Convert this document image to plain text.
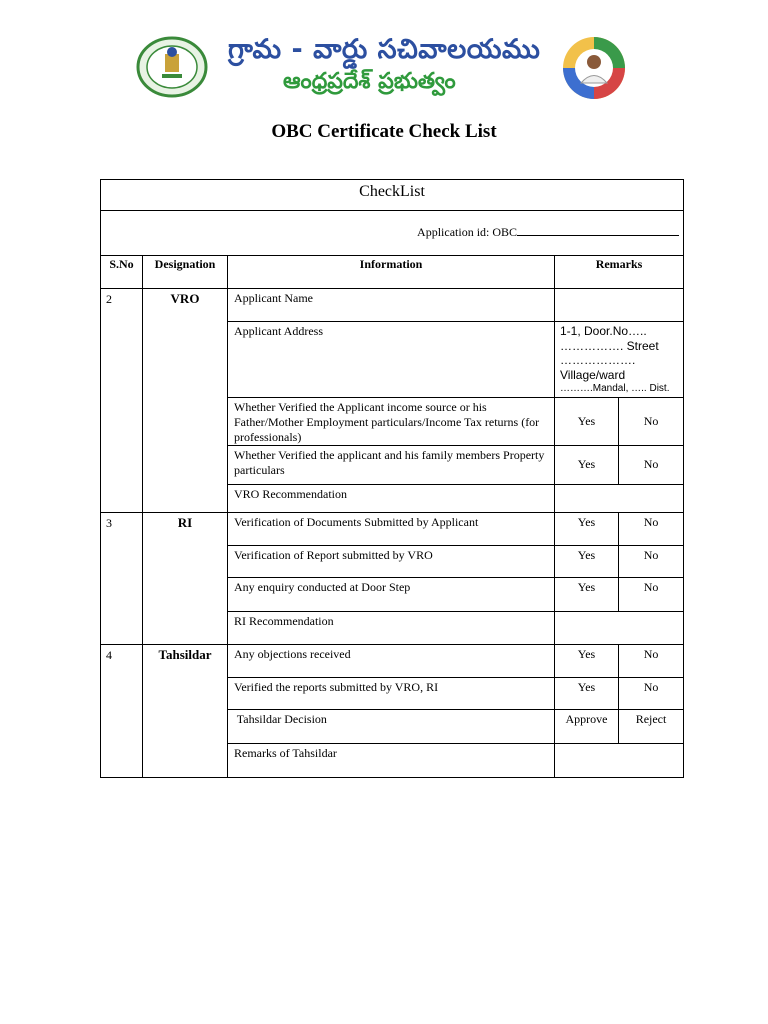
గ్రామ - వార్డు సచివాలయము
ఆంధ్రప్రదేశ్ ప్రభుత్వం
OBC Certificate Check List
CheckList				
Application id: OBC				
S.No	Designation	Information	Remarks	
2	VRO	Applicant Name		
		Applicant Address	1-1, Door.No…..
……………. Street
……………….
Village/ward
……….Mandal, ….. Dist.	

		Whether Verified the Applicant income source or his Father/Mother Employment particulars/Income Tax returns (for professionals)	Yes	No
		Whether Verified the applicant and his family members Property particulars	Yes	No
		VRO Recommendation		
3	RI	Verification of Documents Submitted by Applicant	Yes	No
		Verification of Report submitted by VRO	Yes	No
		Any enquiry conducted at Door Step	Yes	No
		RI Recommendation		
4	Tahsildar	Any objections received	Yes	No
		Verified the reports submitted by VRO, RI	Yes	No
		Tahsildar Decision	Approve	Reject
		Remarks of Tahsildar		
